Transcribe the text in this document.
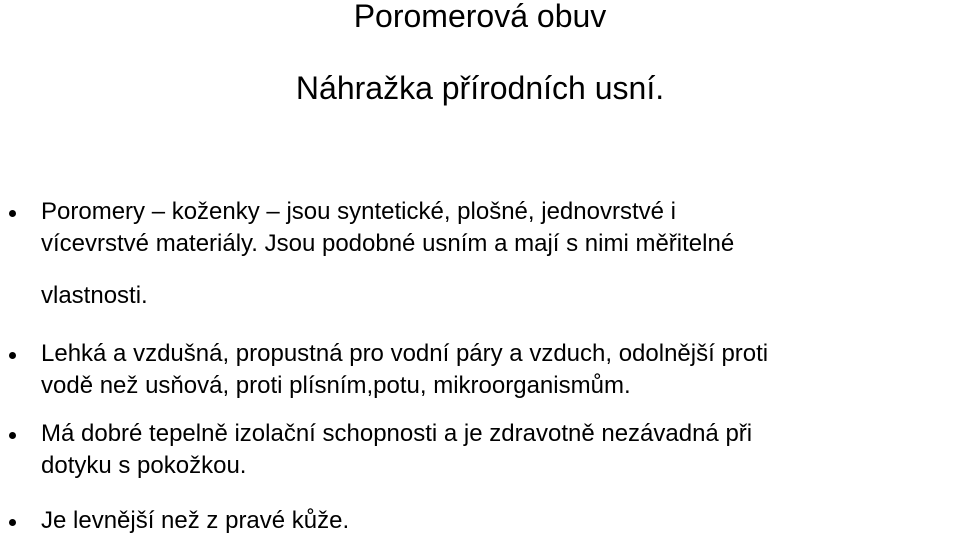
Poromerová obuv
Náhražka přírodních usní.
Poromery – koženky – jsou syntetické, plošné, jednovrstvé i
vícevrstvé materiály. Jsou podobné usním a mají s nimi měřitelné
vlastnosti.
Lehká a vzdušná, propustná pro vodní páry a vzduch, odolnější proti
vodě než usňová, proti plísním,potu, mikroorganismům.
Má dobré tepelně izolační schopnosti a je zdravotně nezávadná při
dotyku s pokožkou.
Je levnější než z pravé kůže.
